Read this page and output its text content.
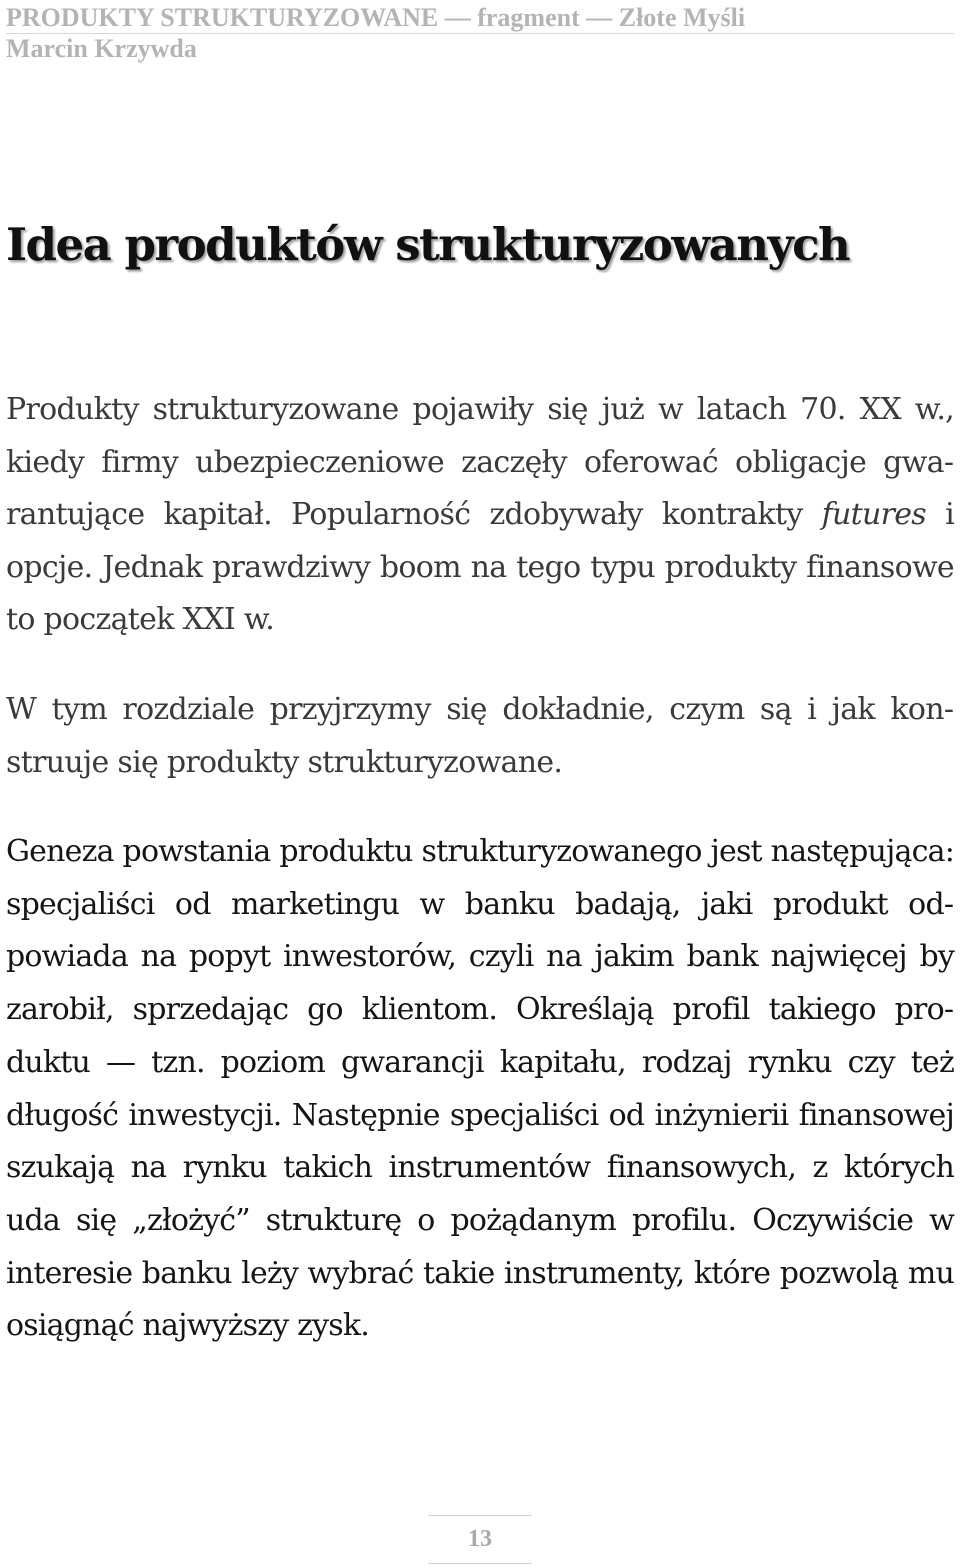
PRODUKTY STRUKTURYZOWANE — fragment — Złote Myśli
Marcin Krzywda
Idea produktów strukturyzowanych

Produkty strukturyzowane pojawiły się już w latach 70. XX w., kiedy firmy ubezpieczeniowe zaczęły oferować obligacje gwarantujące kapitał. Popularność zdobywały kontrakty futures i opcje. Jednak prawdziwy boom na tego typu produkty finansowe to początek XXI w.

W tym rozdziale przyjrzymy się dokładnie, czym są i jak konstruuje się produkty strukturyzowane.

Geneza powstania produktu strukturyzowanego jest następująca: specjaliści od marketingu w banku badają, jaki produkt odpowiada na popyt inwestorów, czyli na jakim bank najwięcej by zarobił, sprzedając go klientom. Określają profil takiego produktu — tzn. poziom gwarancji kapitału, rodzaj rynku czy też długość inwestycji. Następnie specjaliści od inżynierii finansowej szukają na rynku takich instrumentów finansowych, z których uda się „złożyć” strukturę o pożądanym profilu. Oczywiście w interesie banku leży wybrać takie instrumenty, które pozwolą mu osiągnąć najwyższy zysk.

13
